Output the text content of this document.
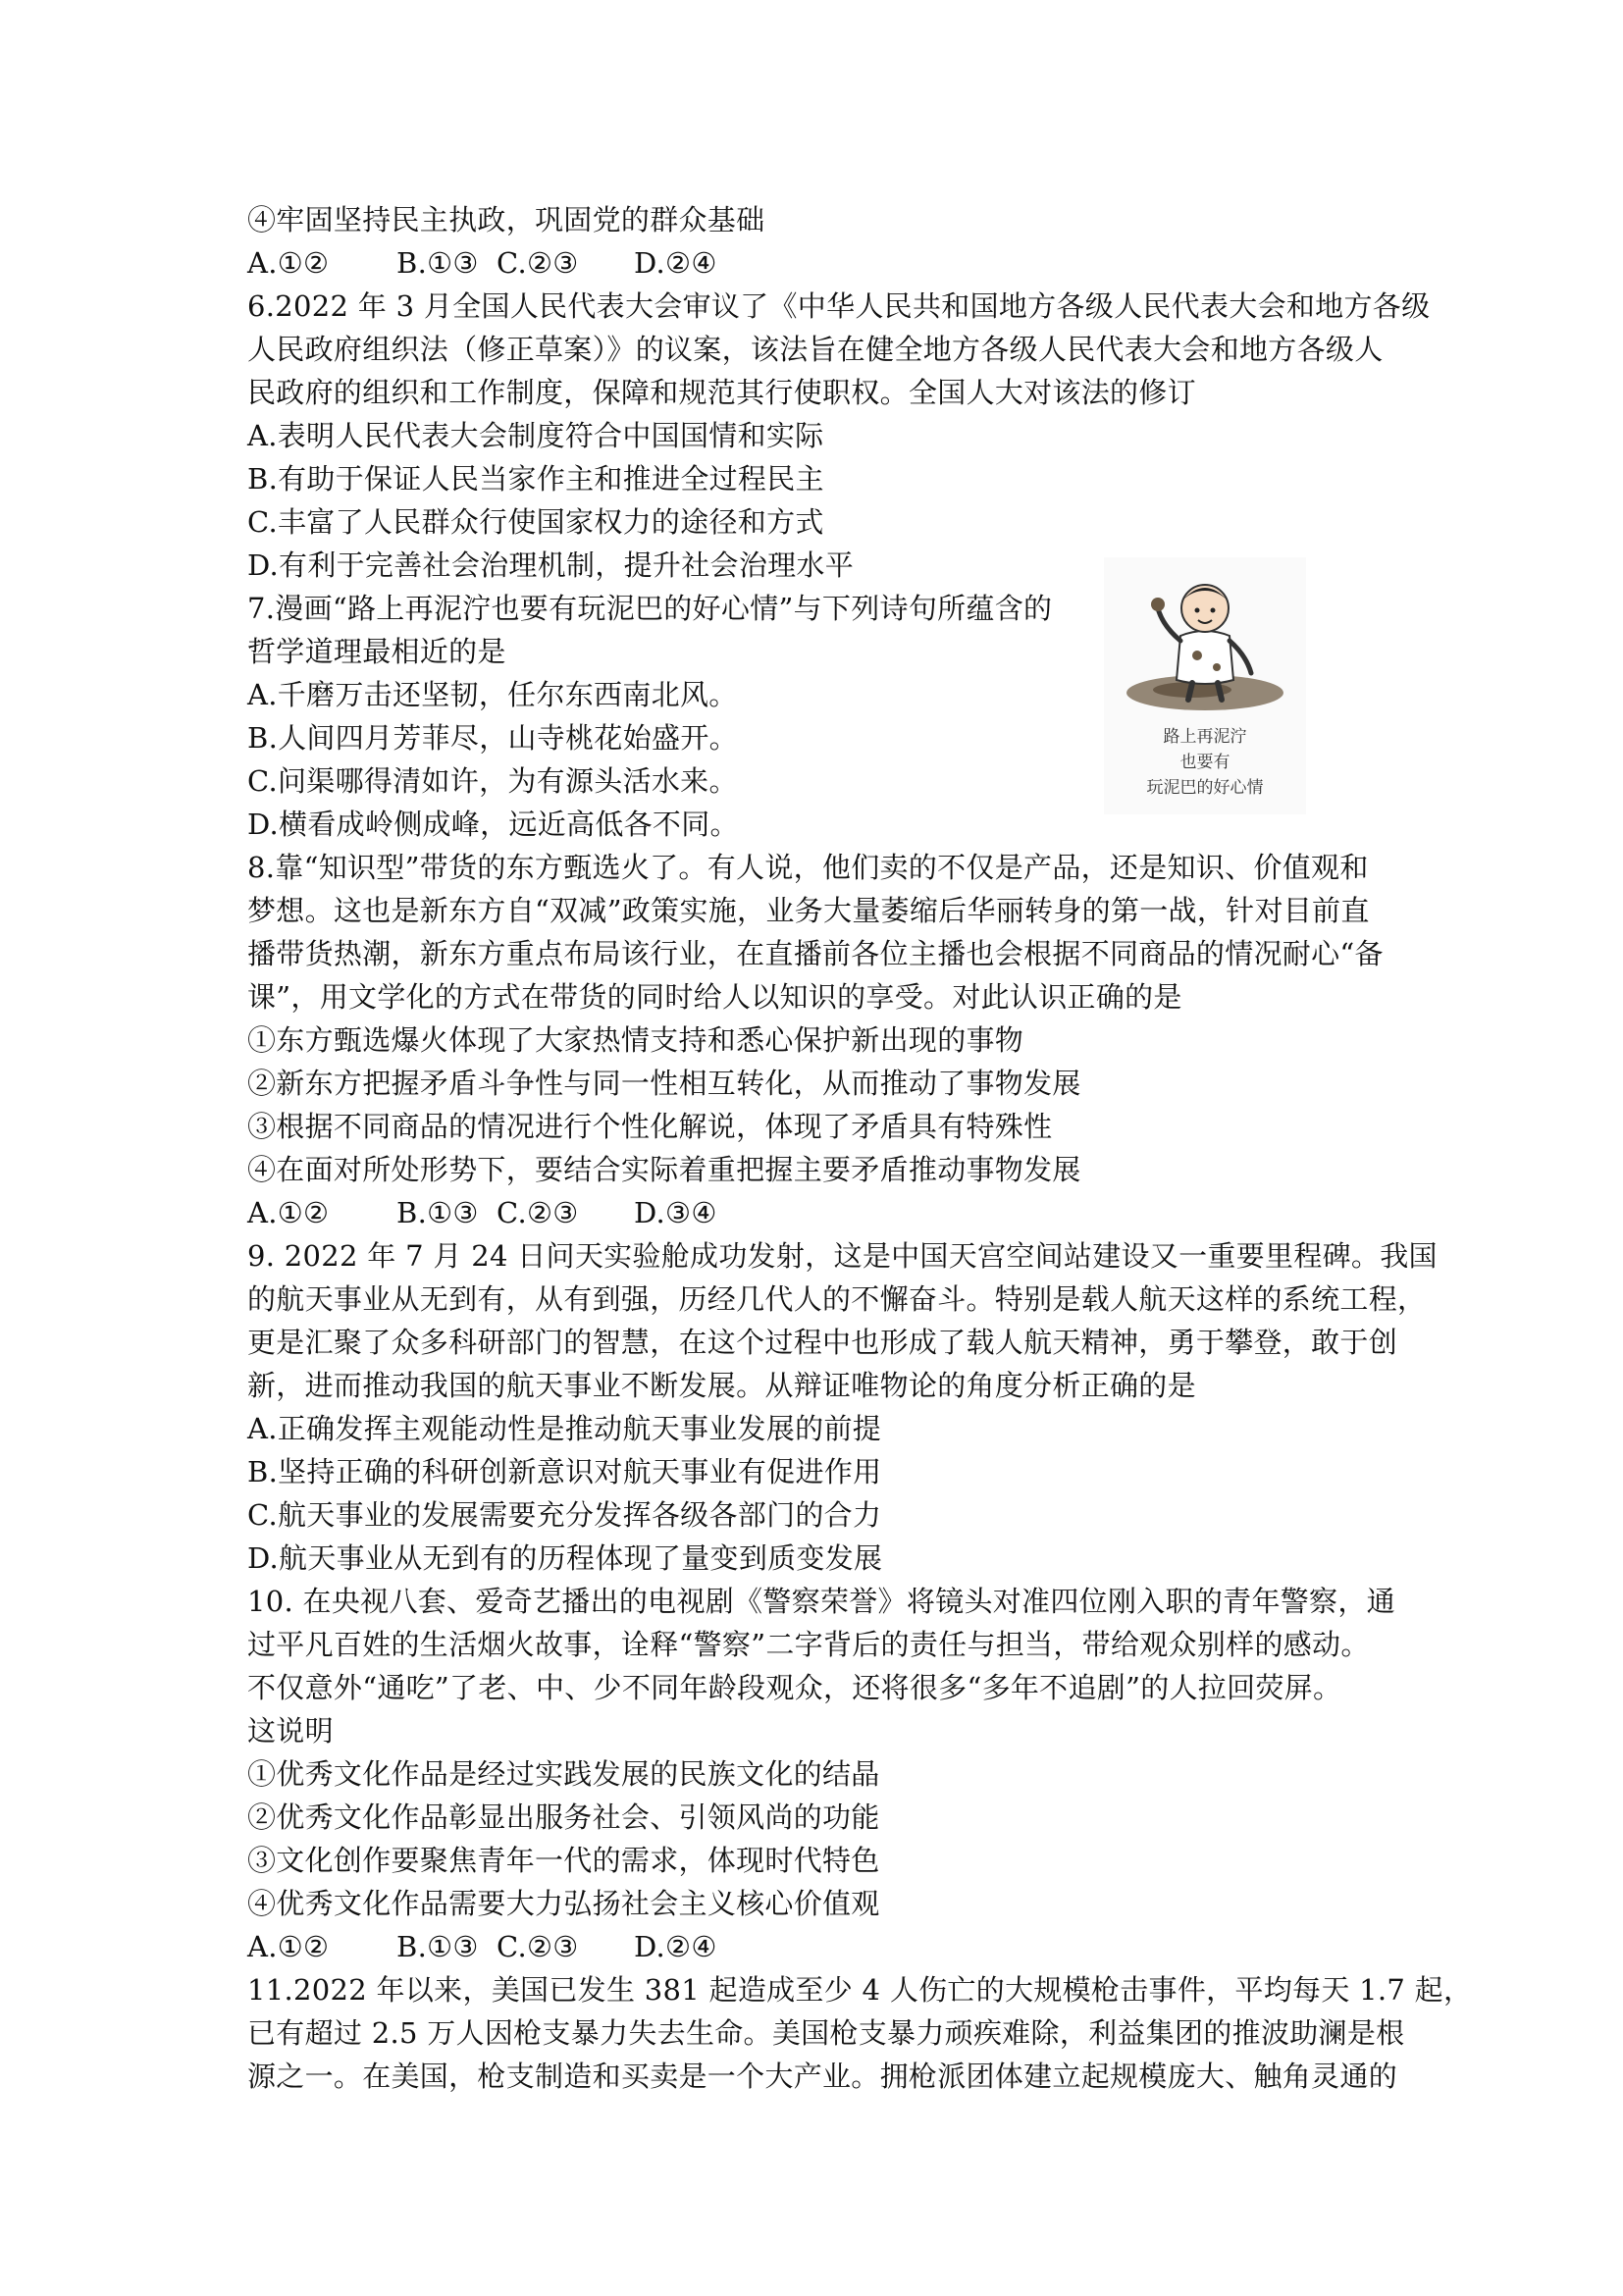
④牢固坚持民主执政，巩固党的群众基础
A.①② B.①③ C.②③ D.②④
6.2022 年 3 月全国人民代表大会审议了《中华人民共和国地方各级人民代表大会和地方各级
人民政府组织法（修正草案）》的议案，该法旨在健全地方各级人民代表大会和地方各级人
民政府的组织和工作制度，保障和规范其行使职权。全国人大对该法的修订
A.表明人民代表大会制度符合中国国情和实际
B.有助于保证人民当家作主和推进全过程民主
C.丰富了人民群众行使国家权力的途径和方式
D.有利于完善社会治理机制，提升社会治理水平
7.漫画“路上再泥泞也要有玩泥巴的好心情”与下列诗句所蕴含的
哲学道理最相近的是
A.千磨万击还坚韧，任尔东西南北风。
B.人间四月芳菲尽，山寺桃花始盛开。
C.问渠哪得清如许，为有源头活水来。
D.横看成岭侧成峰，远近高低各不同。
8.靠“知识型”带货的东方甄选火了。有人说，他们卖的不仅是产品，还是知识、价值观和
梦想。这也是新东方自“双减”政策实施，业务大量萎缩后华丽转身的第一战，针对目前直
播带货热潮，新东方重点布局该行业，在直播前各位主播也会根据不同商品的情况耐心“备
课”，用文学化的方式在带货的同时给人以知识的享受。对此认识正确的是
①东方甄选爆火体现了大家热情支持和悉心保护新出现的事物
②新东方把握矛盾斗争性与同一性相互转化，从而推动了事物发展
③根据不同商品的情况进行个性化解说，体现了矛盾具有特殊性
④在面对所处形势下，要结合实际着重把握主要矛盾推动事物发展
A.①② B.①③ C.②③ D.③④
9. 2022 年 7 月 24 日问天实验舱成功发射，这是中国天宫空间站建设又一重要里程碑。我国
的航天事业从无到有，从有到强，历经几代人的不懈奋斗。特别是载人航天这样的系统工程，
更是汇聚了众多科研部门的智慧，在这个过程中也形成了载人航天精神，勇于攀登，敢于创
新，进而推动我国的航天事业不断发展。从辩证唯物论的角度分析正确的是
A.正确发挥主观能动性是推动航天事业发展的前提
B.坚持正确的科研创新意识对航天事业有促进作用
C.航天事业的发展需要充分发挥各级各部门的合力
D.航天事业从无到有的历程体现了量变到质变发展
10. 在央视八套、爱奇艺播出的电视剧《警察荣誉》将镜头对准四位刚入职的青年警察，通
过平凡百姓的生活烟火故事，诠释“警察”二字背后的责任与担当，带给观众别样的感动。
不仅意外“通吃”了老、中、少不同年龄段观众，还将很多“多年不追剧”的人拉回荧屏。
这说明
①优秀文化作品是经过实践发展的民族文化的结晶
②优秀文化作品彰显出服务社会、引领风尚的功能
③文化创作要聚焦青年一代的需求，体现时代特色
④优秀文化作品需要大力弘扬社会主义核心价值观
A.①② B.①③ C.②③ D.②④
11.2022 年以来，美国已发生 381 起造成至少 4 人伤亡的大规模枪击事件，平均每天 1.7 起，
已有超过 2.5 万人因枪支暴力失去生命。美国枪支暴力顽疾难除，利益集团的推波助澜是根
源之一。在美国，枪支制造和买卖是一个大产业。拥枪派团体建立起规模庞大、触角灵通的
路上再泥泞
也要有
玩泥巴的好心情
